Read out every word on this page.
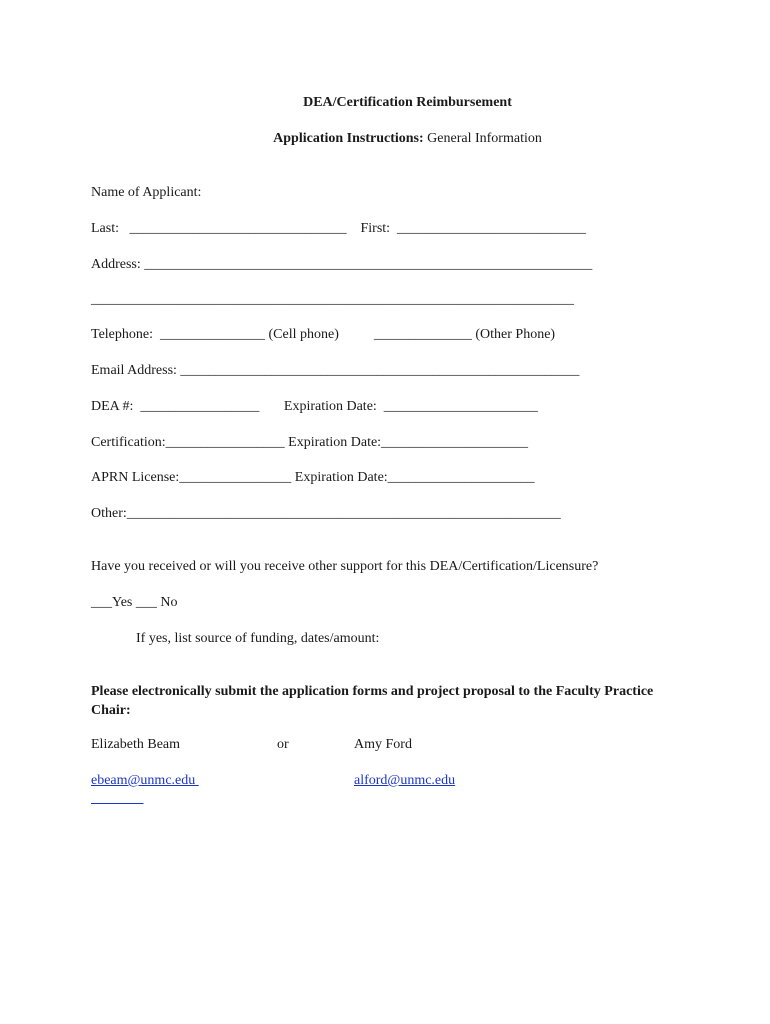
DEA/Certification Reimbursement
Application Instructions: General Information
Name of Applicant:
Last:   _______________________________    First:  ___________________________
Address: ________________________________________________________________
_____________________________________________________________________
Telephone:  _______________ (Cell phone)          ______________ (Other Phone)
Email Address: _________________________________________________________
DEA #:  _________________       Expiration Date:  ______________________
Certification:_________________ Expiration Date:_____________________
APRN License:________________ Expiration Date:_____________________
Other:______________________________________________________________
Have you received or will you receive other support for this DEA/Certification/Licensure?
___Yes ___ No
If yes, list source of funding, dates/amount:
Please electronically submit the application forms and project proposal to the Faculty Practice
Chair:
Elizabeth Beam	or	Amy Ford
ebeam@unmc.edu
	alford@unmc.edu
